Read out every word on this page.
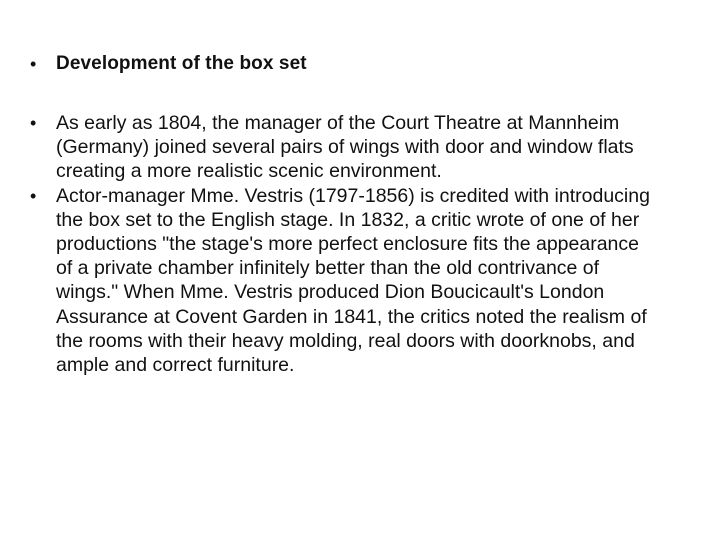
•	Development of the box set
•	As early as 1804, the manager of the Court Theatre at Mannheim (Germany) joined several pairs of wings with door and window flats creating a more realistic scenic environment.
•	Actor-manager Mme. Vestris (1797-1856) is credited with introducing the box set to the English stage. In 1832, a critic wrote of one of her productions "the stage's more perfect enclosure fits the appearance of a private chamber infinitely better than the old contrivance of wings." When Mme. Vestris produced Dion Boucicault's London Assurance at Covent Garden in 1841, the critics noted the realism of the rooms with their heavy molding, real doors with doorknobs, and ample and correct furniture.
